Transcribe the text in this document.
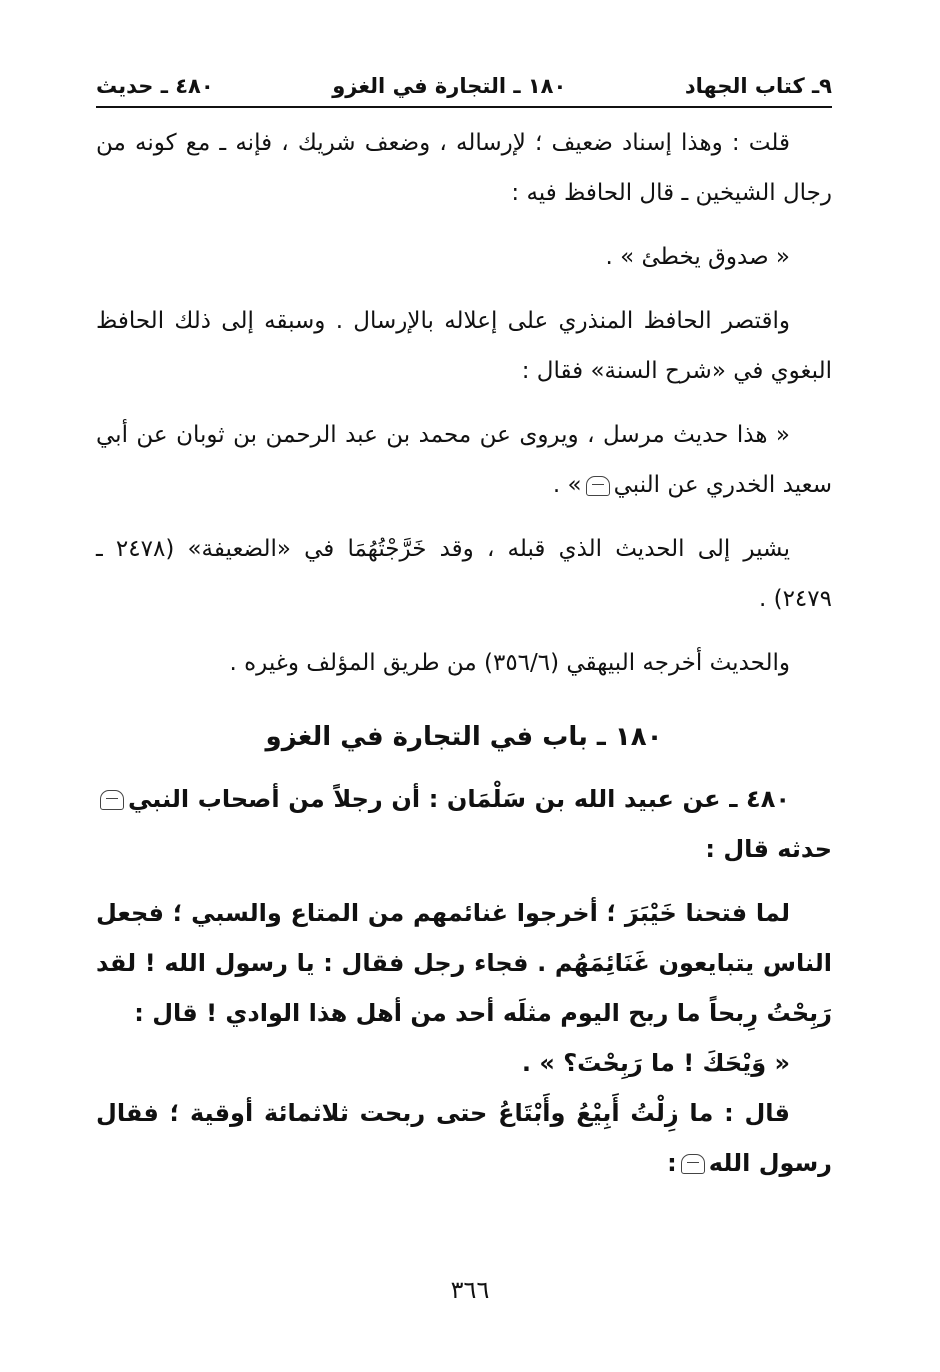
٩ـ كتاب الجهاد
١٨٠ ـ التجارة في الغزو
٤٨٠ ـ حديث

قلت : وهذا إسناد ضعيف ؛ لإرساله ، وضعف شريك ، فإنه ـ مع كونه من رجال الشيخين ـ قال الحافظ فيه :

« صدوق يخطئ » .

واقتصر الحافظ المنذري على إعلاله بالإرسال . وسبقه إلى ذلك الحافظ البغوي في «شرح السنة» فقال :

« هذا حديث مرسل ، ويروى عن محمد بن عبد الرحمن بن ثوبان عن أبي سعيد الخدري عن النبي» .

يشير إلى الحديث الذي قبله ، وقد خَرَّجْتُهُمَا في «الضعيفة» (٢٤٧٨ ـ ٢٤٧٩) .

والحديث أخرجه البيهقي (٣٥٦/٦) من طريق المؤلف وغيره .

١٨٠ ـ باب في التجارة في الغزو

٤٨٠ ـ عن عبيد الله بن سَلْمَان : أن رجلاً من أصحاب النبيحدثه قال :

لما فتحنا خَيْبَرَ ؛ أخرجوا غنائمهم من المتاع والسبي ؛ فجعل الناس يتبايعون غَنَائِمَهُم . فجاء رجل فقال : يا رسول الله ! لقد رَبِحْتُ رِبحاً ما ربح اليوم مثلَه أحد من أهل هذا الوادي ! قال :

« وَيْحَكَ ! ما رَبِحْتَ؟ » .

قال : ما زِلْتُ أَبِيْعُ وأَبْتَاعُ حتى ربحت ثلاثمائة أوقية ؛ فقال رسول الله:

٣٦٦
